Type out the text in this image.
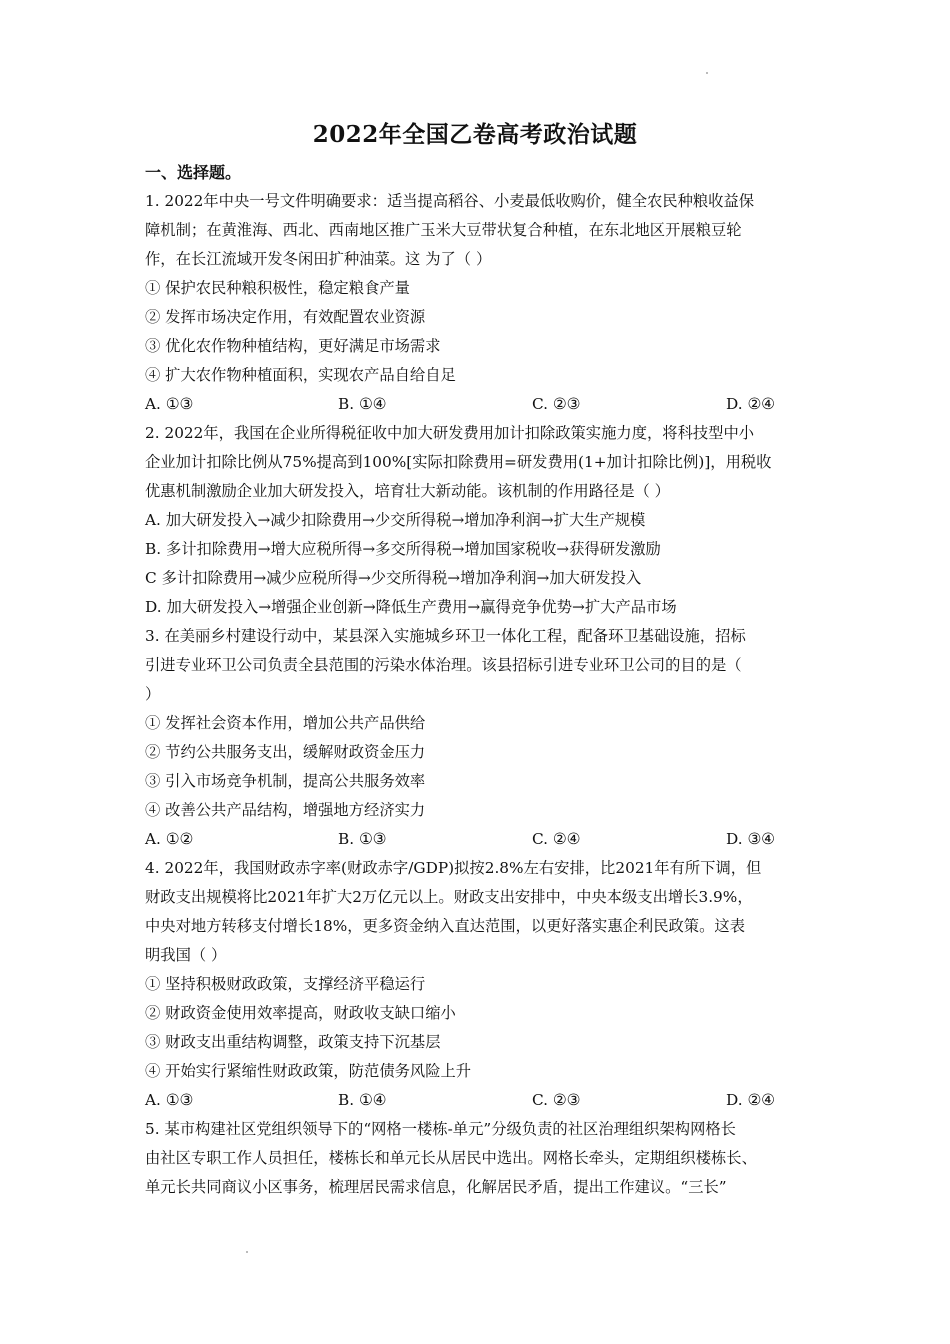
2022年全国乙卷高考政治试题
一、选择题。
1. 2022年中央一号文件明确要求：适当提高稻谷、小麦最低收购价，健全农民种粮收益保
障机制；在黄淮海、西北、西南地区推广玉米大豆带状复合种植，在东北地区开展粮豆轮
作，在长江流域开发冬闲田扩种油菜。这 为了（ ）
① 保护农民种粮积极性，稳定粮食产量
② 发挥市场决定作用，有效配置农业资源
③ 优化农作物种植结构，更好满足市场需求
④ 扩大农作物种植面积，实现农产品自给自足
A. ①③	B. ①④	C. ②③	D. ②④
2. 2022年，我国在企业所得税征收中加大研发费用加计扣除政策实施力度，将科技型中小
企业加计扣除比例从75%提高到100%[实际扣除费用=研发费用(1+加计扣除比例)]，用税收
优惠机制激励企业加大研发投入，培育壮大新动能。该机制的作用路径是（ ）
A. 加大研发投入→减少扣除费用→少交所得税→增加净利润→扩大生产规模
B. 多计扣除费用→增大应税所得→多交所得税→增加国家税收→获得研发激励
C 多计扣除费用→减少应税所得→少交所得税→增加净利润→加大研发投入
D. 加大研发投入→增强企业创新→降低生产费用→赢得竞争优势→扩大产品市场
3. 在美丽乡村建设行动中，某县深入实施城乡环卫一体化工程，配备环卫基础设施，招标
引进专业环卫公司负责全县范围的污染水体治理。该县招标引进专业环卫公司的目的是（
）
① 发挥社会资本作用，增加公共产品供给
② 节约公共服务支出，缓解财政资金压力
③ 引入市场竞争机制，提高公共服务效率
④ 改善公共产品结构，增强地方经济实力
A. ①②	B. ①③	C. ②④	D. ③④
4. 2022年，我国财政赤字率(财政赤字/GDP)拟按2.8%左右安排，比2021年有所下调，但
财政支出规模将比2021年扩大2万亿元以上。财政支出安排中，中央本级支出增长3.9%，
中央对地方转移支付增长18%，更多资金纳入直达范围，以更好落实惠企利民政策。这表
明我国（ ）
① 坚持积极财政政策，支撑经济平稳运行
② 财政资金使用效率提高，财政收支缺口缩小
③ 财政支出重结构调整，政策支持下沉基层
④ 开始实行紧缩性财政政策，防范债务风险上升
A. ①③	B. ①④	C. ②③	D. ②④
5. 某市构建社区党组织领导下的“网格一楼栋-单元”分级负责的社区治理组织架构网格长
由社区专职工作人员担任，楼栋长和单元长从居民中选出。网格长牵头，定期组织楼栋长、
单元长共同商议小区事务，梳理居民需求信息，化解居民矛盾，提出工作建议。“三长”
